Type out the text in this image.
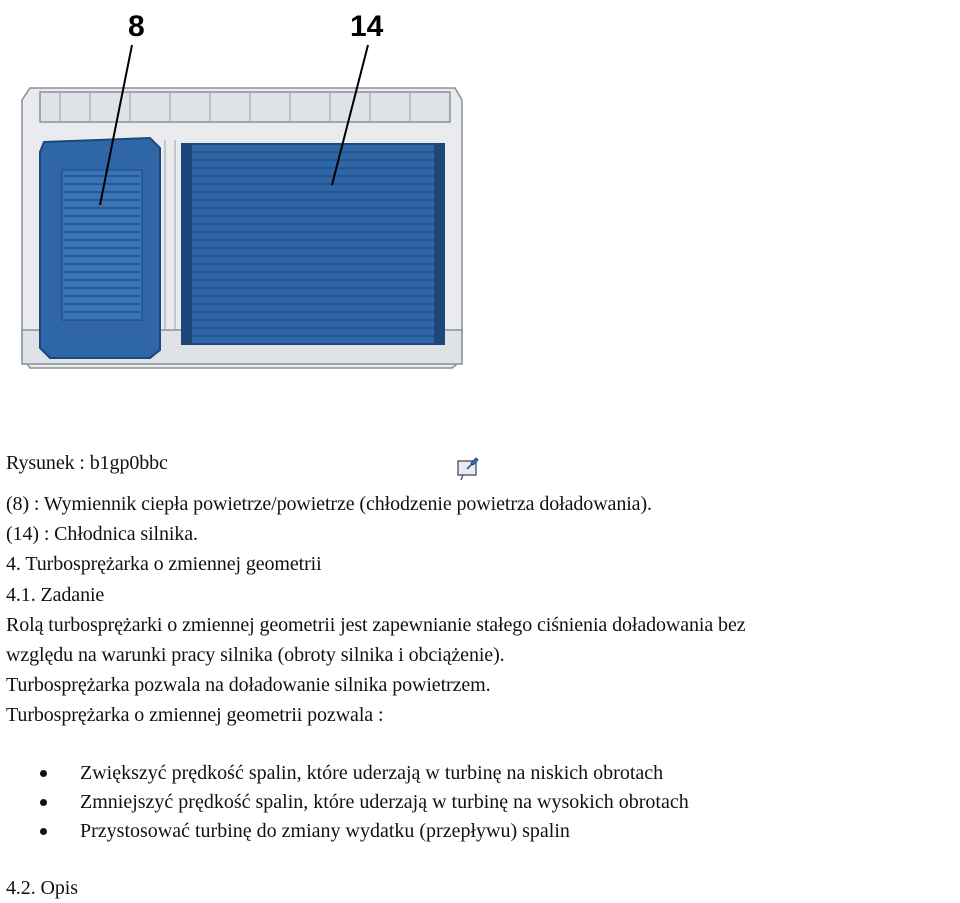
8	14
Rysunek : b1gp0bbc
(8) : Wymiennik ciepła powietrze/powietrze (chłodzenie powietrza doładowania).
(14) : Chłodnica silnika.
4. Turbosprężarka o zmiennej geometrii
4.1. Zadanie
Rolą turbosprężarki o zmiennej geometrii jest zapewnianie stałego ciśnienia doładowania bez
względu na warunki pracy silnika (obroty silnika i obciążenie).
Turbosprężarka pozwala na doładowanie silnika powietrzem.
Turbosprężarka o zmiennej geometrii pozwala :
Zwiększyć prędkość spalin, które uderzają w turbinę na niskich obrotach
Zmniejszyć prędkość spalin, które uderzają w turbinę na wysokich obrotach
Przystosować turbinę do zmiany wydatku (przepływu) spalin
4.2. Opis
